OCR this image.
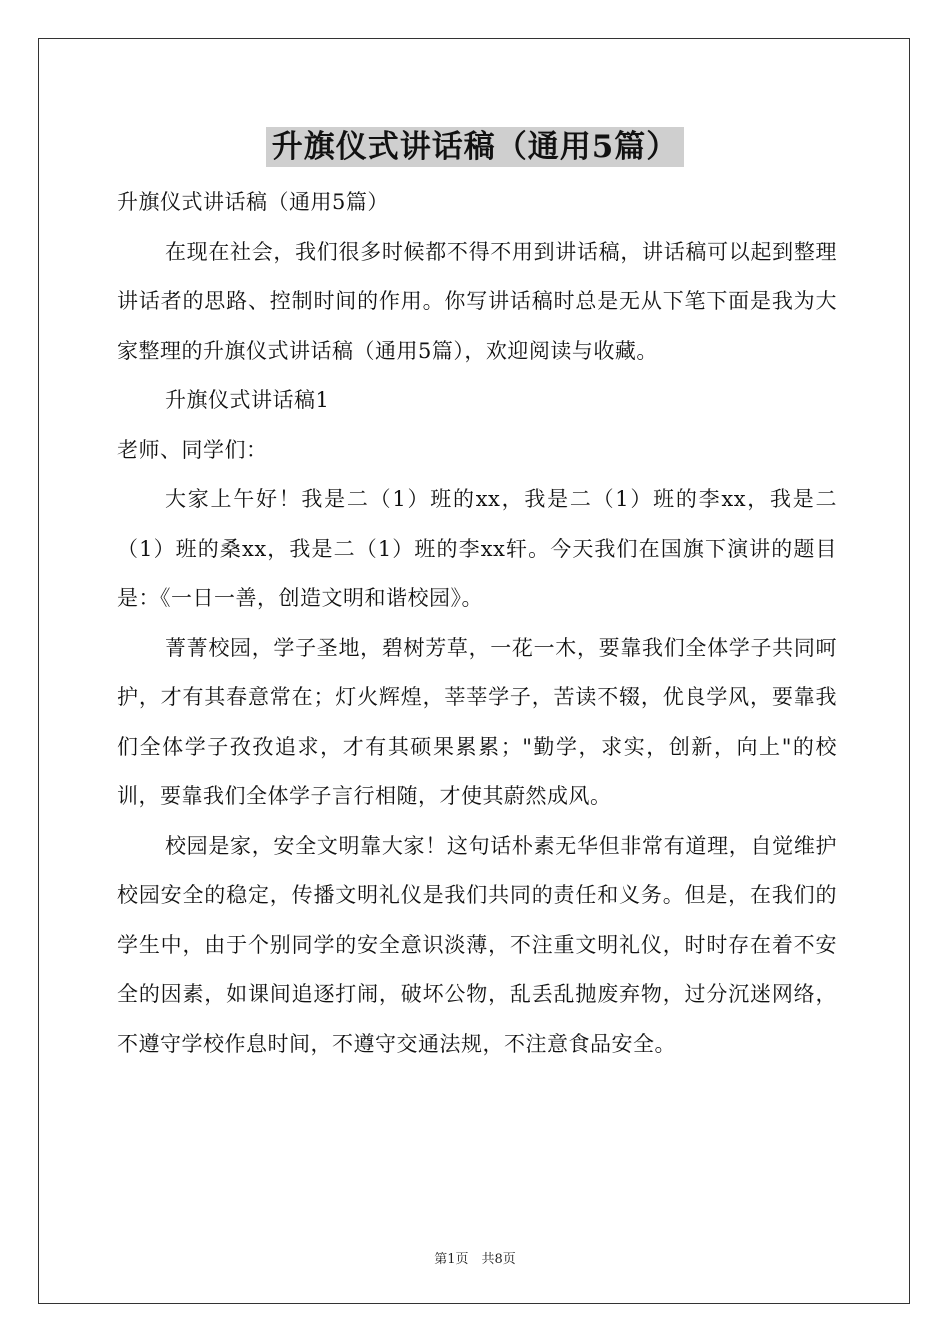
升旗仪式讲话稿（通用5篇）

升旗仪式讲话稿（通用5篇）

在现在社会，我们很多时候都不得不用到讲话稿，讲话稿可以起到整理讲话者的思路、控制时间的作用。你写讲话稿时总是无从下笔下面是我为大家整理的升旗仪式讲话稿（通用5篇），欢迎阅读与收藏。

升旗仪式讲话稿1

老师、同学们：

大家上午好！我是二（1）班的xx，我是二（1）班的李xx，我是二（1）班的桑xx，我是二（1）班的李xx轩。今天我们在国旗下演讲的题目是：《一日一善，创造文明和谐校园》。

菁菁校园，学子圣地，碧树芳草，一花一木，要靠我们全体学子共同呵护，才有其春意常在；灯火辉煌，莘莘学子，苦读不辍，优良学风，要靠我们全体学子孜孜追求，才有其硕果累累；"勤学，求实，创新，向上"的校训，要靠我们全体学子言行相随，才使其蔚然成风。

校园是家，安全文明靠大家！这句话朴素无华但非常有道理，自觉维护校园安全的稳定，传播文明礼仪是我们共同的责任和义务。但是，在我们的学生中，由于个别同学的安全意识淡薄，不注重文明礼仪，时时存在着不安全的因素，如课间追逐打闹，破坏公物，乱丢乱抛废弃物，过分沉迷网络，不遵守学校作息时间，不遵守交通法规，不注意食品安全。

第1页　共8页
